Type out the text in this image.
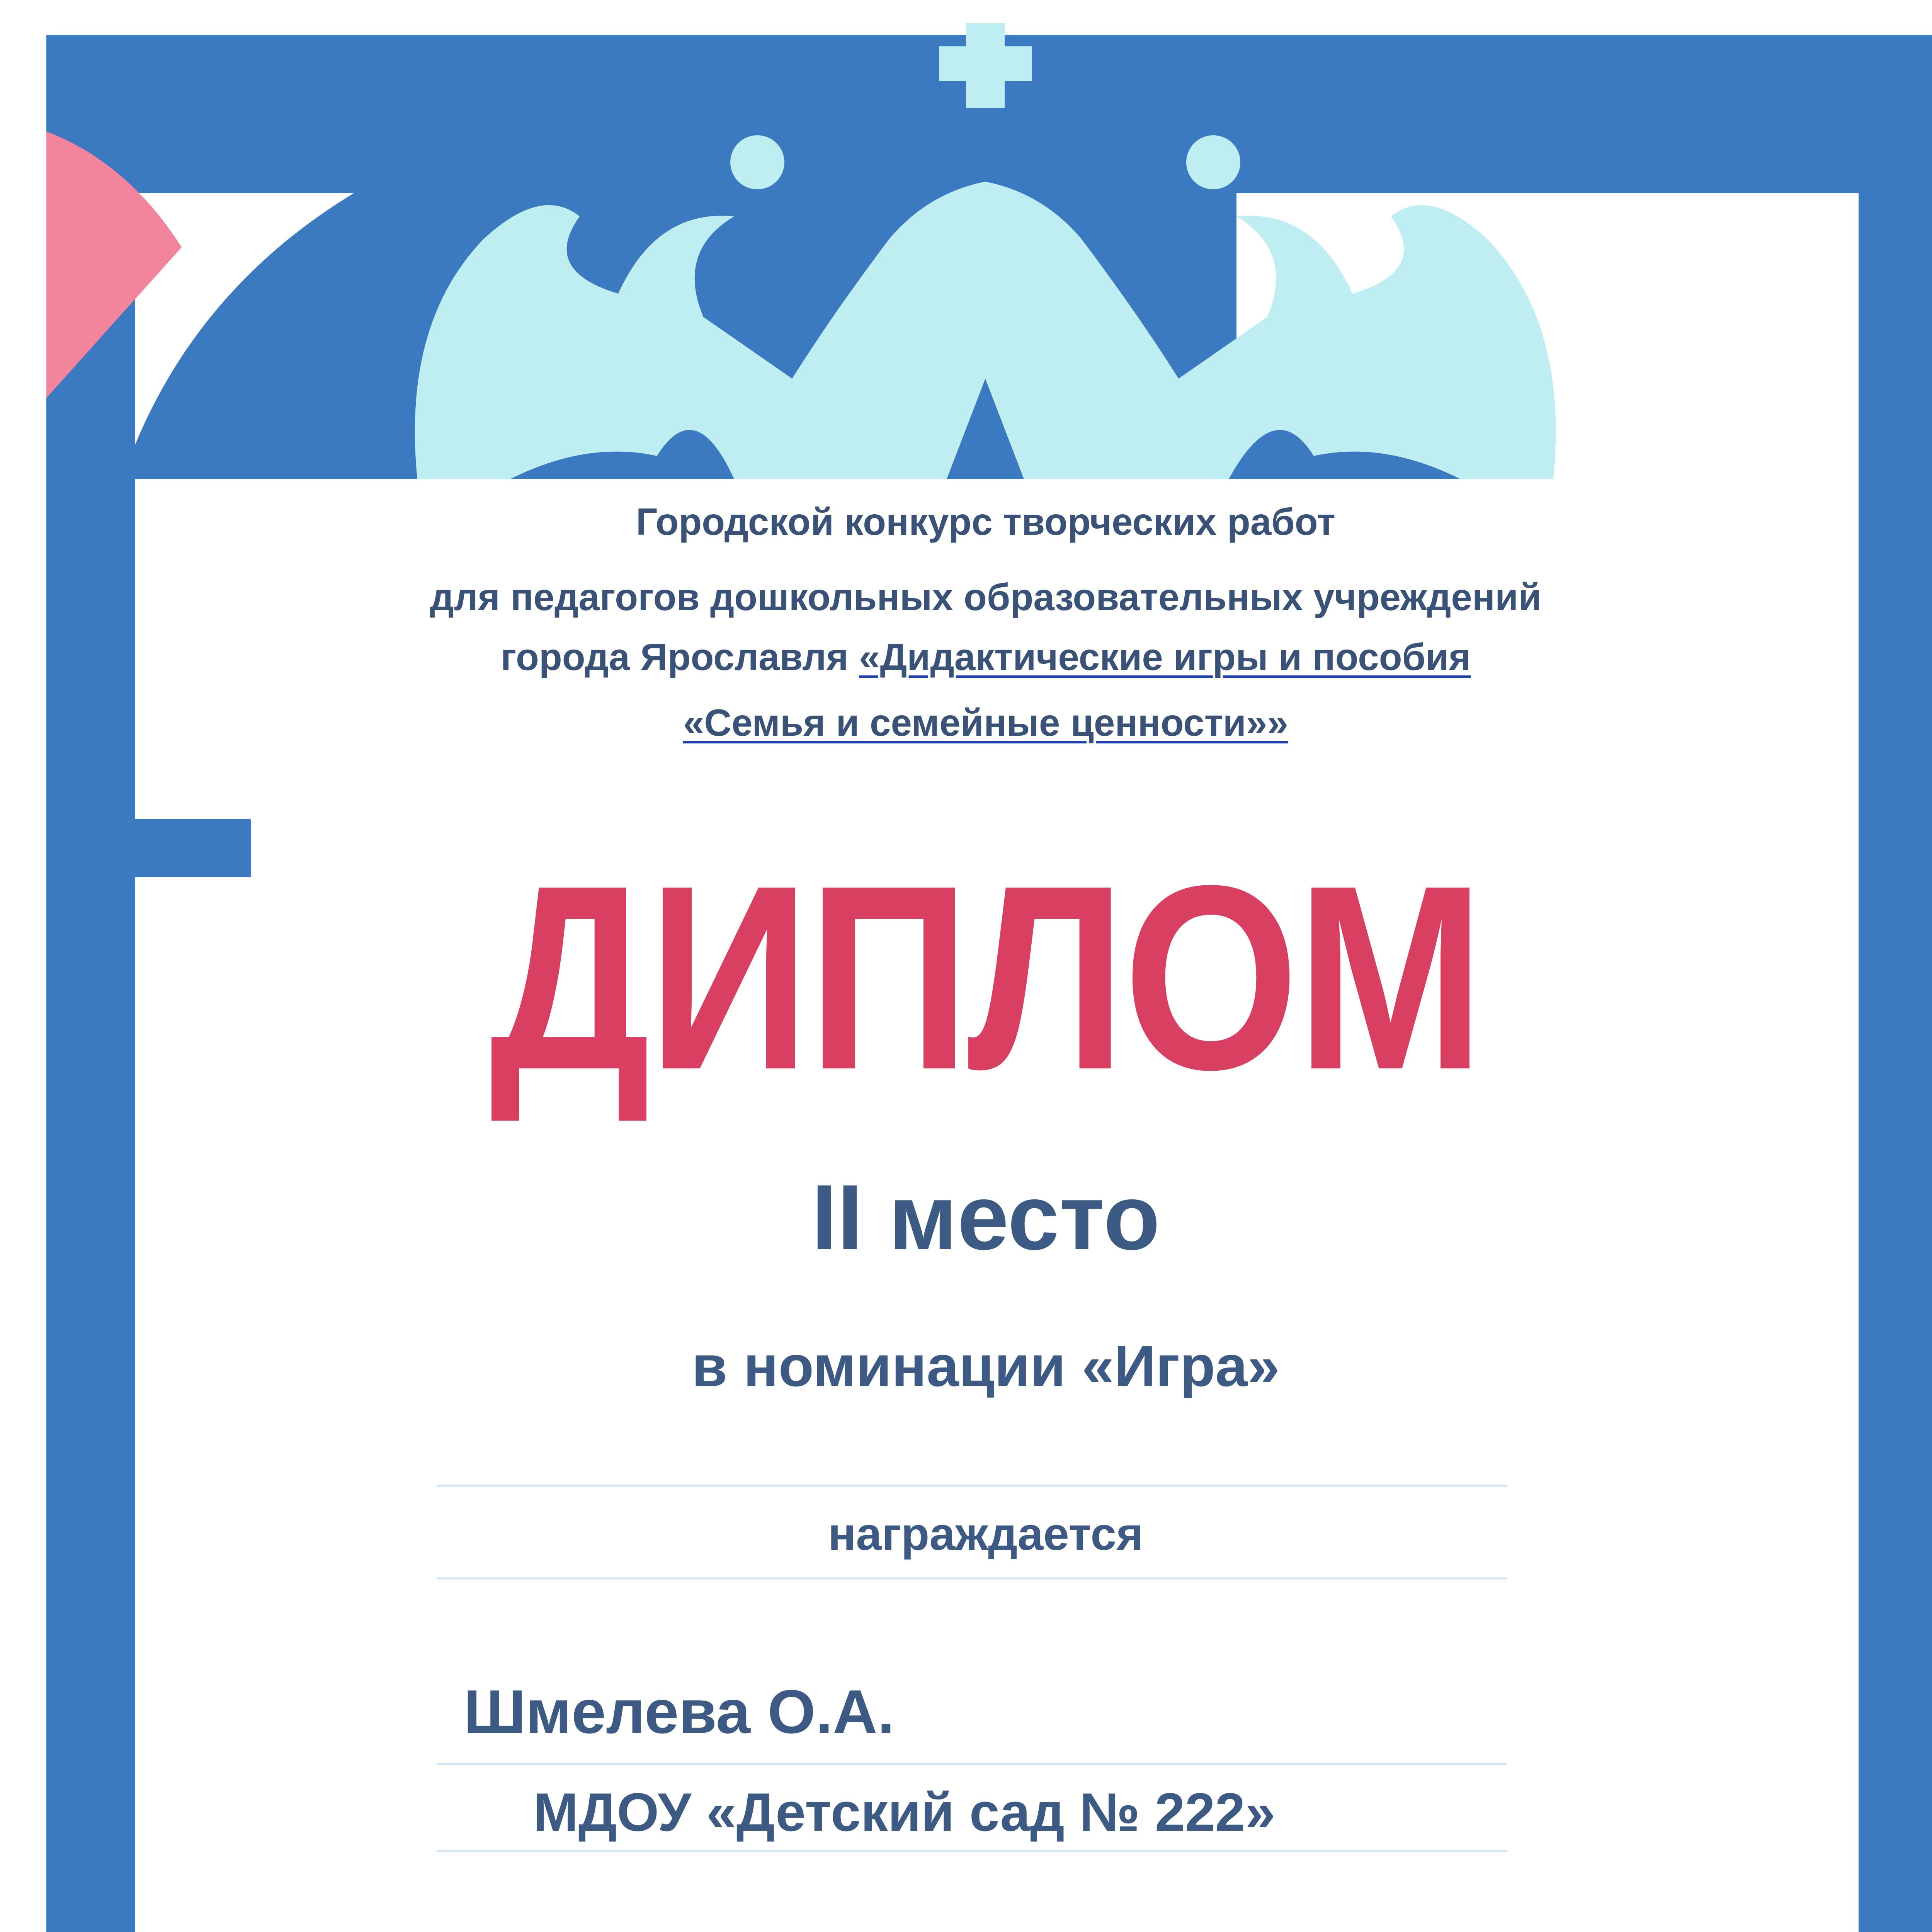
Городской конкурс творческих работ

для педагогов дошкольных образовательных учреждений

города Ярославля «Дидактические игры и пособия

«Семья и семейные ценности»»

ДИПЛОМ

II место

в номинации «Игра»

награждается

Шмелева О.А.

МДОУ «Детский сад № 222»
